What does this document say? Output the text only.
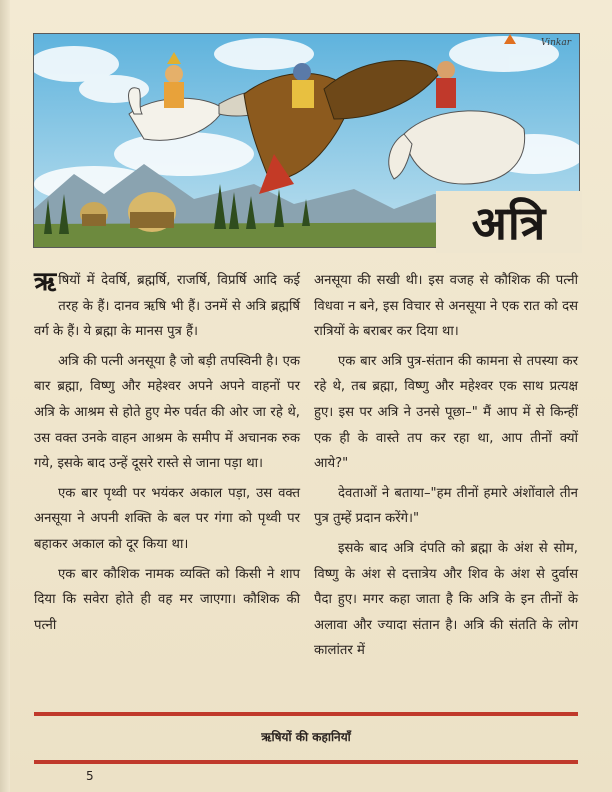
Vinkar
अत्रि

ऋषियों में देवर्षि, ब्रह्मर्षि, राजर्षि, विप्रर्षि आदि कई तरह के हैं। दानव ऋषि भी हैं। उनमें से अत्रि ब्रह्मर्षि वर्ग के हैं। ये ब्रह्मा के मानस पुत्र हैं।

अत्रि की पत्नी अनसूया है जो बड़ी तपस्विनी है। एक बार ब्रह्मा, विष्णु और महेश्वर अपने अपने वाहनों पर अत्रि के आश्रम से होते हुए मेरु पर्वत की ओर जा रहे थे, उस वक्त उनके वाहन आश्रम के समीप में अचानक रुक गये, इसके बाद उन्हें दूसरे रास्ते से जाना पड़ा था।

एक बार पृथ्वी पर भयंकर अकाल पड़ा, उस वक्त अनसूया ने अपनी शक्ति के बल पर गंगा को पृथ्वी पर बहाकर अकाल को दूर किया था।

एक बार कौशिक नामक व्यक्ति को किसी ने शाप दिया कि सवेरा होते ही वह मर जाएगा। कौशिक की पत्नी

अनसूया की सखी थी। इस वजह से कौशिक की पत्नी विधवा न बने, इस विचार से अनसूया ने एक रात को दस रात्रियों के बराबर कर दिया था।

एक बार अत्रि पुत्र-संतान की कामना से तपस्या कर रहे थे, तब ब्रह्मा, विष्णु और महेश्वर एक साथ प्रत्यक्ष हुए। इस पर अत्रि ने उनसे पूछा–" मैं आप में से किन्हीं एक ही के वास्ते तप कर रहा था, आप तीनों क्यों आये?"

देवताओं ने बताया–"हम तीनों हमारे अंशोंवाले तीन पुत्र तुम्हें प्रदान करेंगे।"

इसके बाद अत्रि दंपति को ब्रह्मा के अंश से सोम, विष्णु के अंश से दत्तात्रेय और शिव के अंश से दुर्वास पैदा हुए। मगर कहा जाता है कि अत्रि के इन तीनों के अलावा और ज्यादा संतान है। अत्रि की संतति के लोग कालांतर में

ऋषियों की कहानियाँ
5
